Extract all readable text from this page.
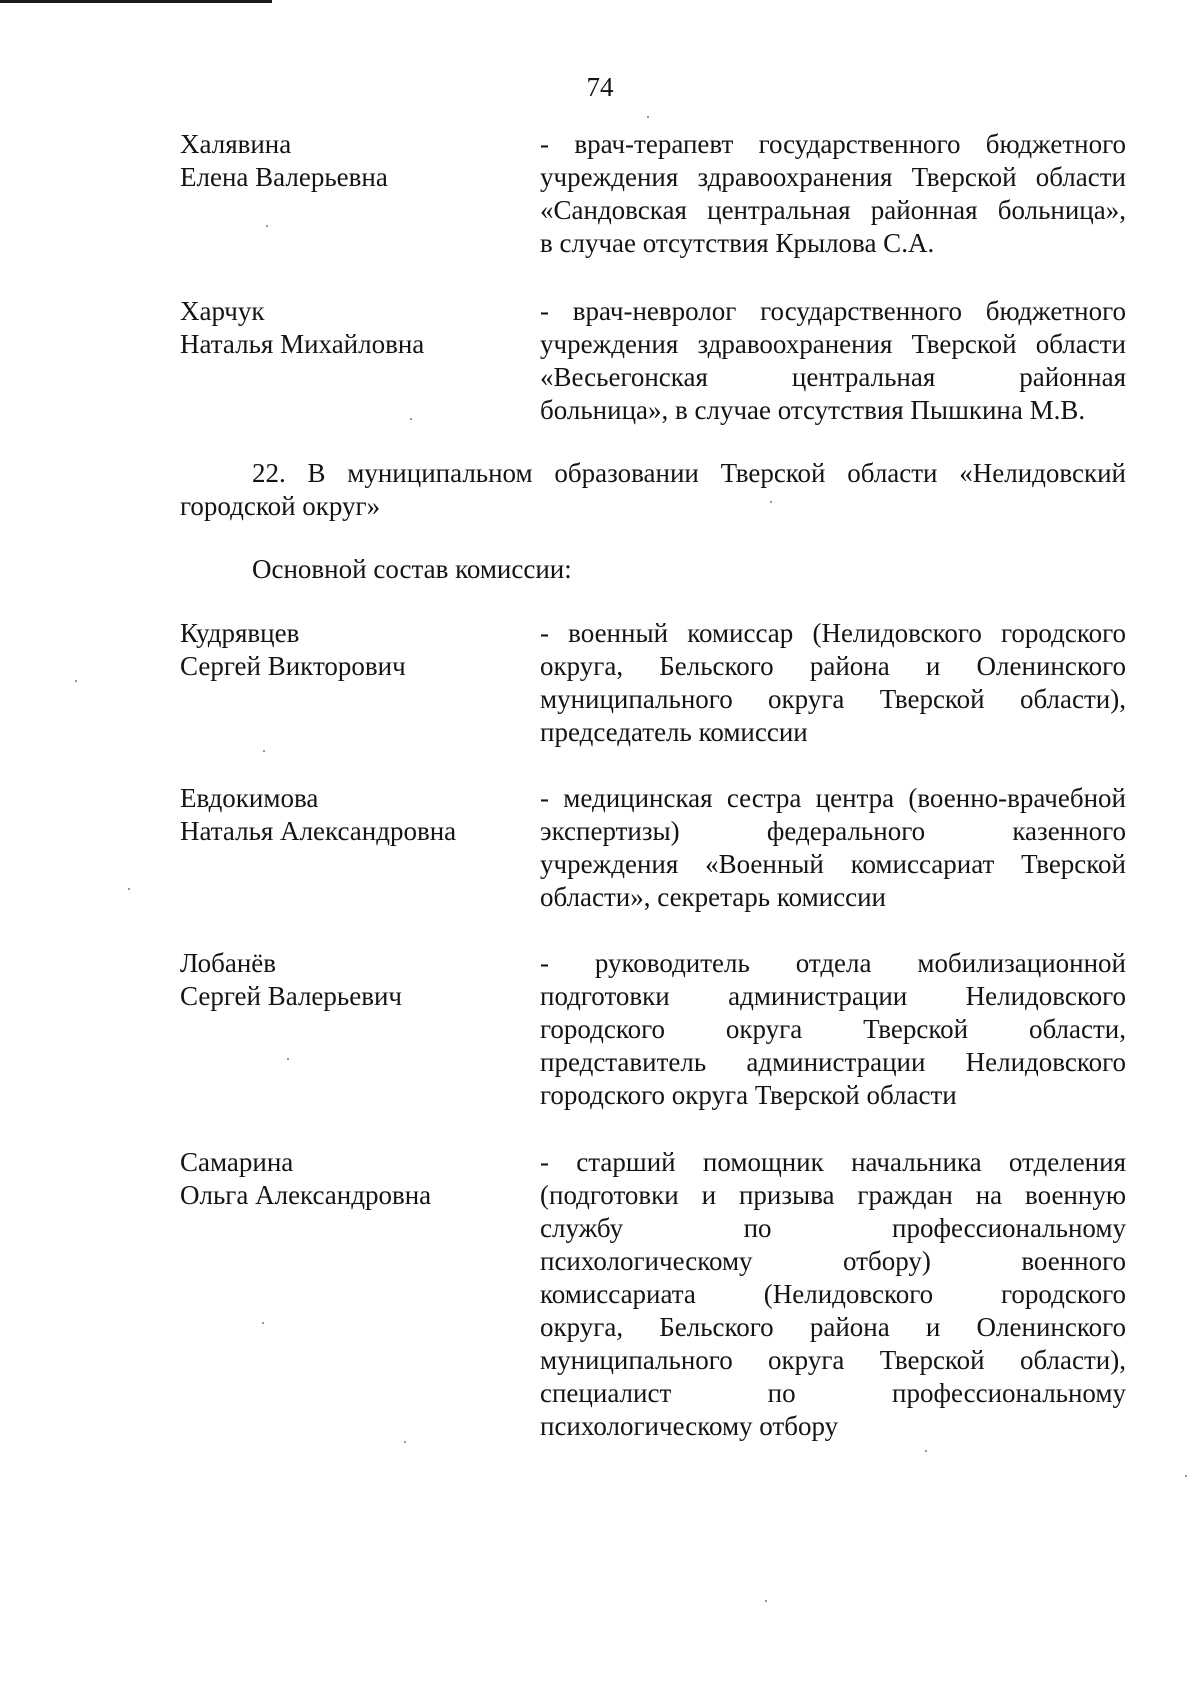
74
Халявина
Елена Валерьевна
- врач-терапевт государственного бюджетного
учреждения здравоохранения Тверской области
«Сандовская центральная районная больница»,
в случае отсутствия Крылова С.А.
Харчук
Наталья Михайловна
- врач-невролог государственного бюджетного
учреждения здравоохранения Тверской области
«Весьегонская центральная районная
больница», в случае отсутствия Пышкина М.В.
22. В муниципальном образовании Тверской области «Нелидовский
городской округ»
Основной состав комиссии:
Кудрявцев
Сергей Викторович
- военный комиссар (Нелидовского городского
округа, Бельского района и Оленинского
муниципального округа Тверской области),
председатель комиссии
Евдокимова
Наталья Александровна
- медицинская сестра центра (военно-врачебной
экспертизы) федерального казенного
учреждения «Военный комиссариат Тверской
области», секретарь комиссии
Лобанёв
Сергей Валерьевич
- руководитель отдела мобилизационной
подготовки администрации Нелидовского
городского округа Тверской области,
представитель администрации Нелидовского
городского округа Тверской области
Самарина
Ольга Александровна
- старший помощник начальника отделения
(подготовки и призыва граждан на военную
службу по профессиональному
психологическому отбору) военного
комиссариата (Нелидовского городского
округа, Бельского района и Оленинского
муниципального округа Тверской области),
специалист по профессиональному
психологическому отбору
